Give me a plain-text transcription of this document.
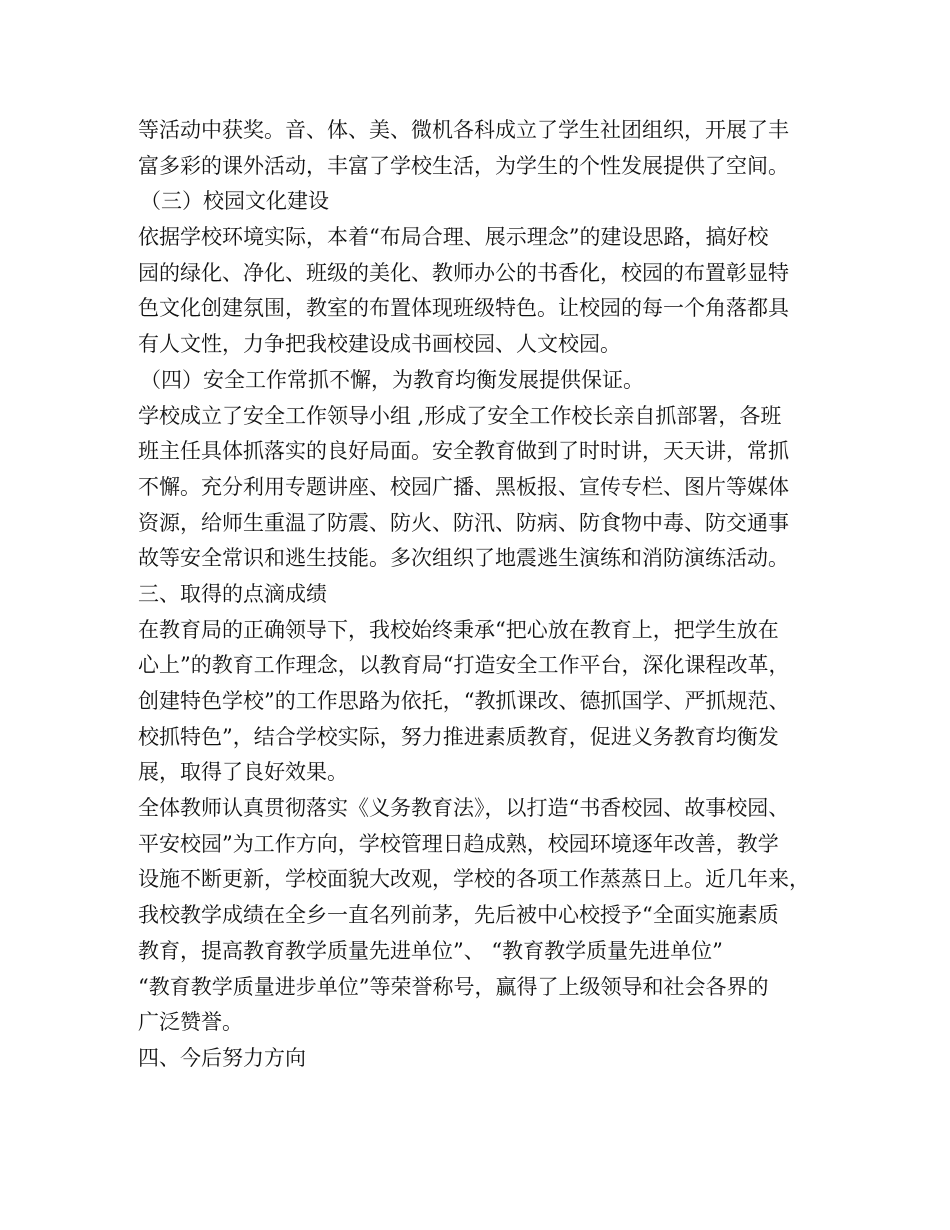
等活动中获奖。音、体、美、微机各科成立了学生社团组织，开展了丰
富多彩的课外活动，丰富了学校生活，为学生的个性发展提供了空间。
（三）校园文化建设
依据学校环境实际，本着“布局合理、展示理念”的建设思路，搞好校
园的绿化、净化、班级的美化、教师办公的书香化，校园的布置彰显特
色文化创建氛围，教室的布置体现班级特色。让校园的每一个角落都具
有人文性，力争把我校建设成书画校园、人文校园。
（四）安全工作常抓不懈，为教育均衡发展提供保证。
学校成立了安全工作领导小组 ,形成了安全工作校长亲自抓部署，各班
班主任具体抓落实的良好局面。安全教育做到了时时讲，天天讲，常抓
不懈。充分利用专题讲座、校园广播、黑板报、宣传专栏、图片等媒体
资源，给师生重温了防震、防火、防汛、防病、防食物中毒、防交通事
故等安全常识和逃生技能。多次组织了地震逃生演练和消防演练活动。
三、取得的点滴成绩
在教育局的正确领导下，我校始终秉承“把心放在教育上，把学生放在
心上”的教育工作理念，以教育局“打造安全工作平台，深化课程改革，
创建特色学校”的工作思路为依托，“教抓课改、德抓国学、严抓规范、
校抓特色”，结合学校实际，努力推进素质教育，促进义务教育均衡发
展，取得了良好效果。
全体教师认真贯彻落实《义务教育法》，以打造“书香校园、故事校园、
平安校园”为工作方向，学校管理日趋成熟，校园环境逐年改善，教学
设施不断更新，学校面貌大改观，学校的各项工作蒸蒸日上。近几年来，
我校教学成绩在全乡一直名列前茅，先后被中心校授予“全面实施素质
教育，提高教育教学质量先进单位”、 “教育教学质量先进单位”
“教育教学质量进步单位”等荣誉称号，赢得了上级领导和社会各界的
广泛赞誉。
四、今后努力方向
